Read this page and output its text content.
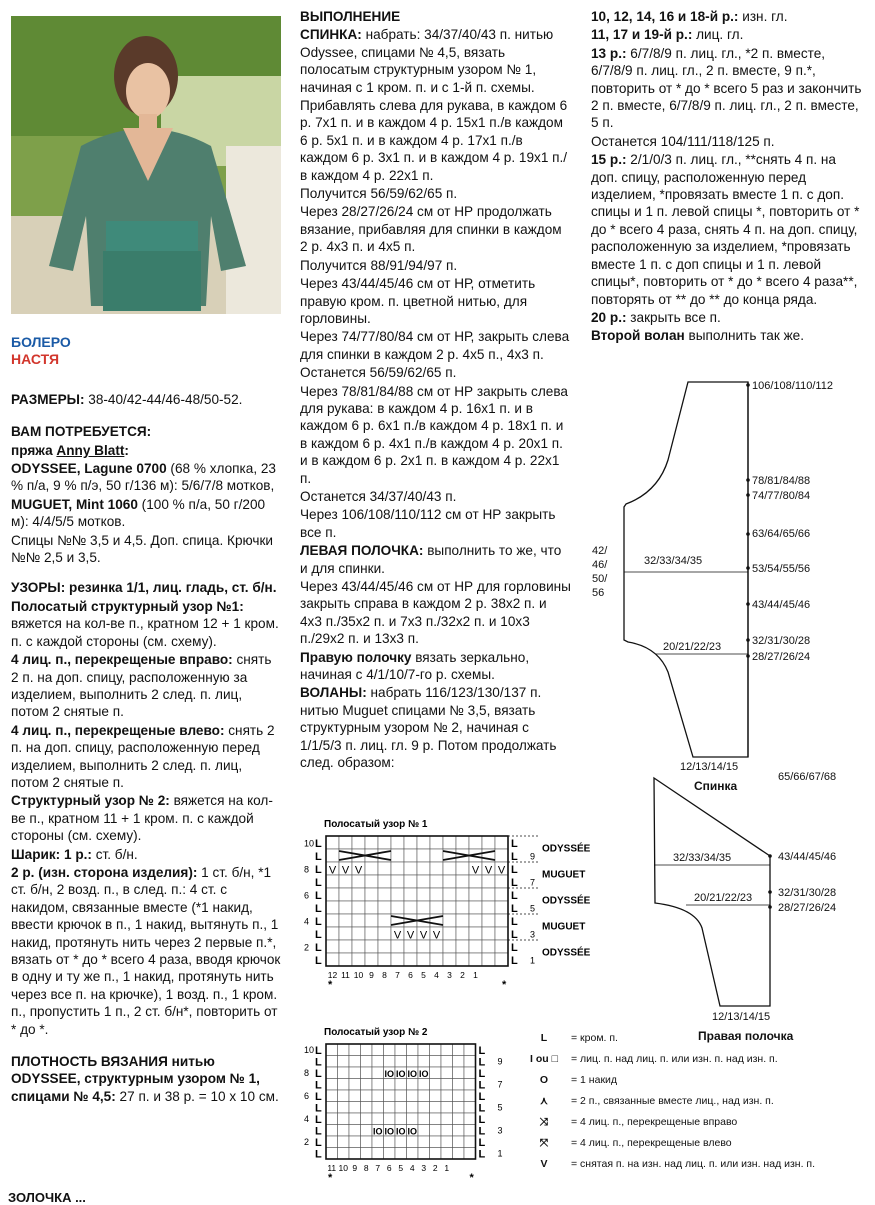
БОЛЕРО
НАСТЯ

РАЗМЕРЫ: 38-40/42-44/46-48/50-52.

ВАМ ПОТРЕБУЕТСЯ:

пряжа Anny Blatt:

ODYSSEE, Lagune 0700 (68 % хлопка, 23 % п/а, 9 % п/э, 50 г/136 м): 5/6/7/8 мотков,

MUGUET, Mint 1060 (100 % п/а, 50 г/200 м): 4/4/5/5 мотков.

Спицы №№ 3,5 и 4,5. Доп. спица. Крючки №№ 2,5 и 3,5.

УЗОРЫ: резинка 1/1, лиц. гладь, ст. б/н.

Полосатый структурный узор №1: вяжется на кол-ве п., кратном 12 + 1 кром. п. с каждой стороны (см. схему).

4 лиц. п., перекрещеные вправо: снять 2 п. на доп. спицу, расположенную за изделием, выполнить 2 след. п. лиц, потом 2 снятые п.

4 лиц. п., перекрещеные влево: снять 2 п. на доп. спицу, расположенную перед изделием, выполнить 2 след. п. лиц, потом 2 снятые п.

Структурный узор № 2: вяжется на кол-ве п., кратном 11 + 1 кром. п. с каждой стороны (см. схему).

Шарик: 1 р.: ст. б/н.

2 р. (изн. сторона изделия): 1 ст. б/н, *1 ст. б/н, 2 возд. п., в след. п.: 4 ст. с накидом, связанные вместе (*1 накид, ввести крючок в п., 1 накид, вытянуть п., 1 накид, протянуть нить через 2 первые п.*, вязать от * до * всего 4 раза, вводя крючок в одну и ту же п., 1 накид, протянуть нить через все п. на крючке), 1 возд. п., 1 кром. п., пропустить 1 п., 2 ст. б/н*, повторить от * до *.

ПЛОТНОСТЬ ВЯЗАНИЯ нитью ODYSSEE, структурным узором № 1, спицами № 4,5: 27 п. и 38 р. = 10 х 10 см.

ЗОЛОЧКА ...

ВЫПОЛНЕНИЕ

СПИНКА: набрать: 34/37/40/43 п. нитью Odyssee, спицами № 4,5, вязать полосатым структурным узором № 1, начиная с 1 кром. п. и с 1-й п. схемы.

Прибавлять слева для рукава, в каждом 6 р. 7х1 п. и в каждом 4 р. 15х1 п./в каждом 6 р. 5х1 п. и в каждом 4 р. 17х1 п./в каждом 6 р. 3х1 п. и в каждом 4 р. 19х1 п./в каждом 4 р. 22х1 п.

Получится 56/59/62/65 п.

Через 28/27/26/24 см от НР продолжать вязание, прибавляя для спинки в каждом 2 р. 4х3 п. и 4х5 п.

Получится 88/91/94/97 п.

Через 43/44/45/46 см от НР, отметить правую кром. п. цветной нитью, для горловины.

Через 74/77/80/84 см от НР, закрыть слева для спинки в каждом 2 р. 4х5 п., 4х3 п.

Останется 56/59/62/65 п.

Через 78/81/84/88 см от НР закрыть слева для рукава: в каждом 4 р. 16х1 п. и в каждом 6 р. 6х1 п./в каждом 4 р. 18х1 п. и в каждом 6 р. 4х1 п./в каждом 4 р. 20х1 п. и в каждом 6 р. 2х1 п. в каждом 4 р. 22х1 п.

Останется 34/37/40/43 п.

Через 106/108/110/112 см от НР закрыть все п.

ЛЕВАЯ ПОЛОЧКА: выполнить то же, что и для спинки.

Через 43/44/45/46 см от НР для горловины закрыть справа в каждом 2 р. 38х2 п. и 4х3 п./35х2 п. и 7х3 п./32х2 п. и 10х3 п./29х2 п. и 13х3 п.

Правую полочку вязать зеркально, начиная с 4/1/10/7-го р. схемы.

ВОЛАНЫ: набрать 116/123/130/137 п. нитью Muguet спицами № 3,5, вязать структурным узором № 2, начиная с 1/1/5/3 п. лиц. гл. 9 р. Потом продолжать след. образом:

10, 12, 14, 16 и 18-й р.: изн. гл.

11, 17 и 19-й р.: лиц. гл.

13 р.: 6/7/8/9 п. лиц. гл., *2 п. вместе, 6/7/8/9 п. лиц. гл., 2 п. вместе, 9 п.*, повторить от * до * всего 5 раз и закончить 2 п. вместе, 6/7/8/9 п. лиц. гл., 2 п. вместе, 5 п.

Останется 104/111/118/125 п.

15 р.: 2/1/0/3 п. лиц. гл., **снять 4 п. на доп. спицу, расположенную перед изделием, *провязать вместе 1 п. с доп. спицы и 1 п. левой спицы *, повторить от * до * всего 4 раза, снять 4 п. на доп. спицу, расположенную за изделием, *провязать вместе 1 п. с доп спицы и 1 п. левой спицы*, повторить от * до * всего 4 раза**, повторять от ** до ** до конца ряда.

20 р.: закрыть все п.

Второй волан выполнить так же.

106/108/110/112
78/81/84/88
74/77/80/84
63/64/65/66
53/54/55/56
43/44/45/46
32/31/30/28
28/27/26/24
32/33/34/35
20/21/22/23
12/13/14/15
42/
46/
50/
56
Спинка
65/66/67/68
43/44/45/46
32/31/30/28
28/27/26/24
32/33/34/35
20/21/22/23
12/13/14/15
Правая полочка
Полосатый узор № 1
10
8
6
4
2
9
7
5
3
1
L	L
L	L
L	L
L	L
L	L
L	L
L	L
L	L
L	L
L	L
12 11 10 9 8 7 6 5 4 3 2 1
*	*
V V V	V V V
V V V V
ODYSSÉE
MUGUET
ODYSSÉE
MUGUET
ODYSSÉE
Полосатый узор № 2
10
8
6
4
2
9
7
5
3
1
L	L
L	L
L	L
L	L
L	L
L	L
L	L
L	L
L	L
L	L
11 10 9 8 7 6 5 4 3 2 1
*	*
IO IO IO IO
IO IO IO IO
L	= кром. п.
I ou □	= лиц. п. над лиц. п. или изн. п. над изн. п.
O	= 1 накид
⋏	= 2 п., связанные вместе лиц., над изн. п.
⤨	= 4 лиц. п., перекрещеные вправо
⤧	= 4 лиц. п., перекрещеные влево
V	= снятая п. на изн. над лиц. п. или изн. над изн. п.
